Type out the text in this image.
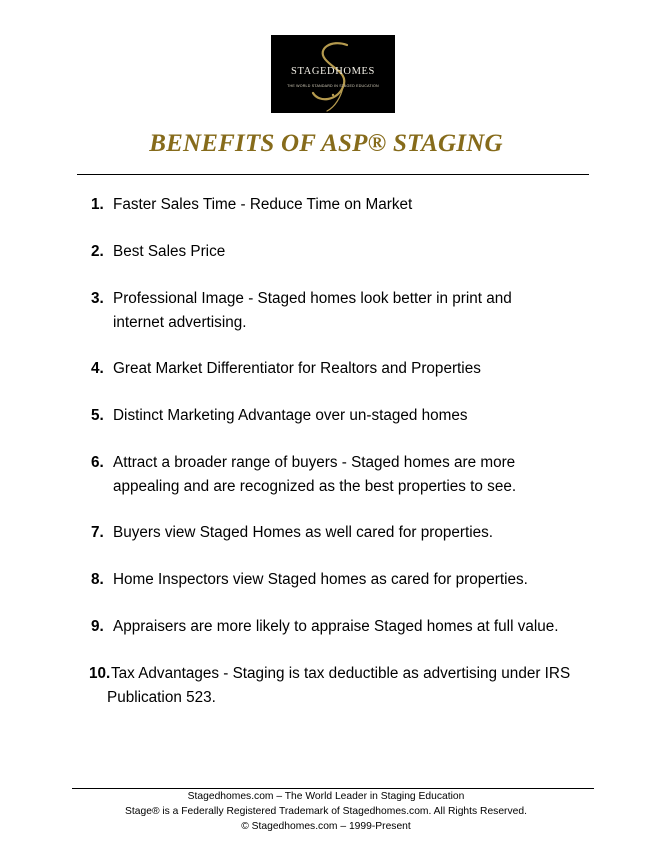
STAGEDHOMES
THE WORLD STANDARD IN STAGED EDUCATION
BENEFITS OF ASP® STAGING
1. Faster Sales Time - Reduce Time on Market
2. Best Sales Price
3. Professional Image - Staged homes look better in print and
internet advertising.
4. Great Market Differentiator for Realtors and Properties
5. Distinct Marketing Advantage over un-staged homes
6. Attract a broader range of buyers - Staged homes are more
appealing and are recognized as the best properties to see.
7. Buyers view Staged Homes as well cared for properties.
8. Home Inspectors view Staged homes as cared for properties.
9. Appraisers are more likely to appraise Staged homes at full value.
10.Tax Advantages - Staging is tax deductible as advertising under IRS
Publication 523.
Stagedhomes.com – The World Leader in Staging Education
Stage® is a Federally Registered Trademark of Stagedhomes.com. All Rights Reserved.
© Stagedhomes.com – 1999-Present
